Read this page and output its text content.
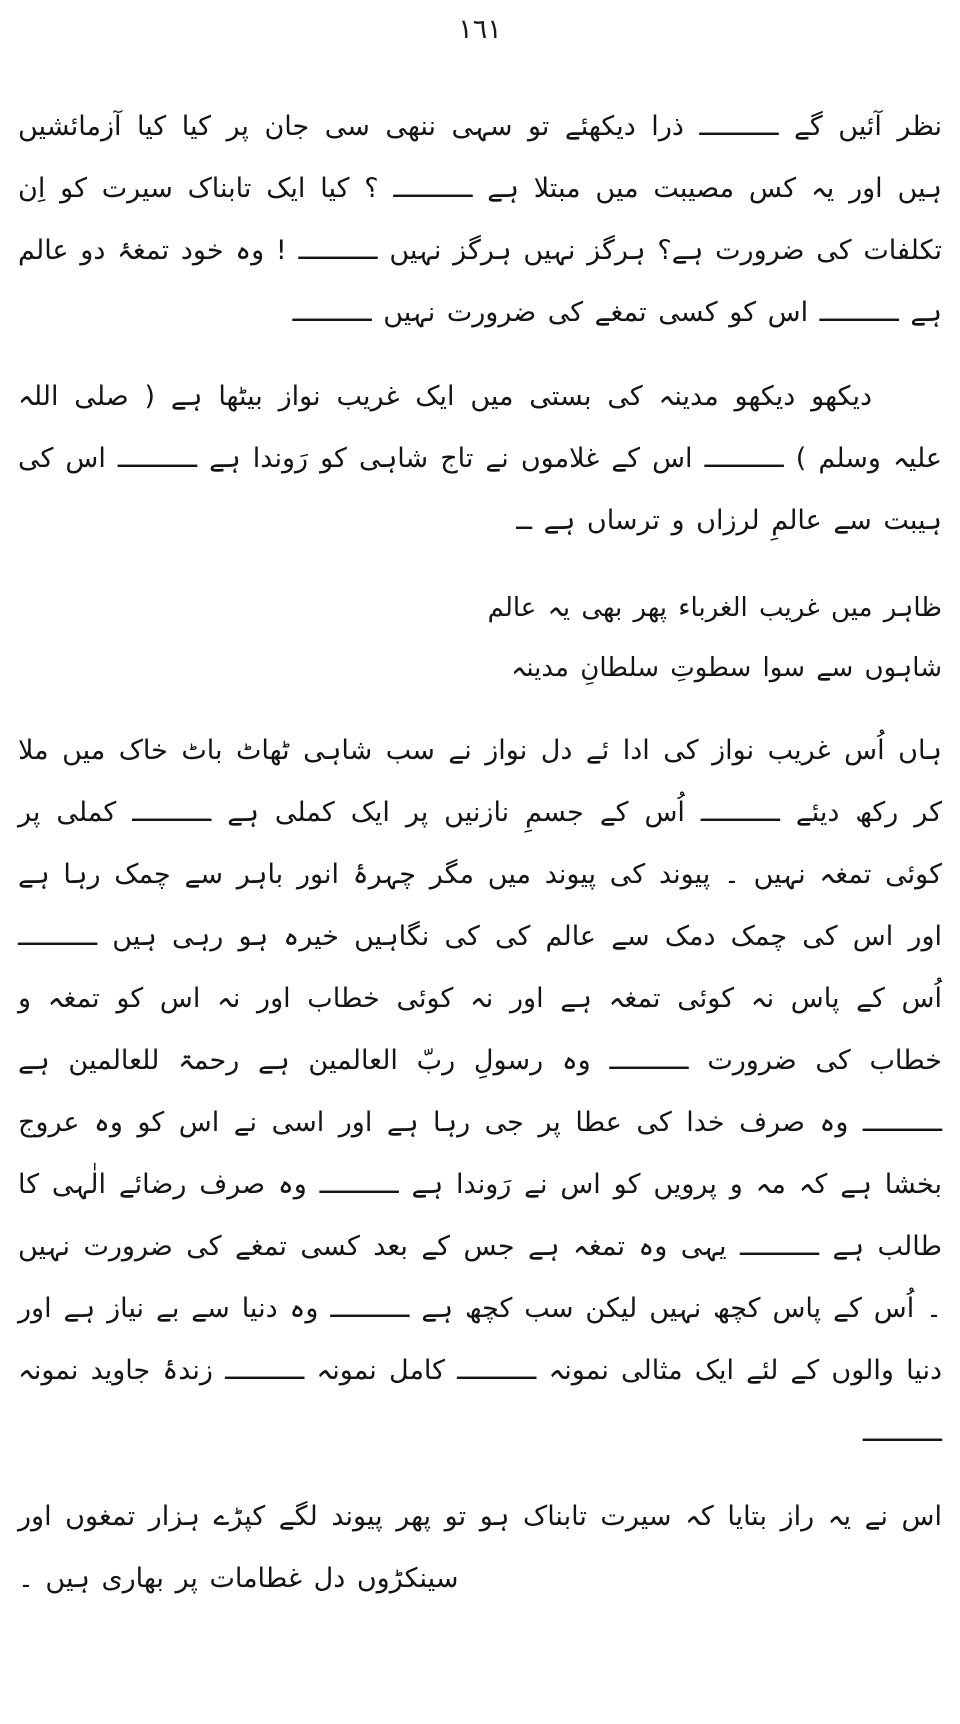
١٦١

نظر آئیں گے ــــــــــ ذرا دیکھئے تو سہی ننھی سی جان پر کیا کیا آزمائشیں ہیں اور یہ کس مصیبت میں مبتلا ہے ــــــــــ ؟ کیا ایک تابناک سیرت کو اِن تکلفات کی ضرورت ہے؟ ہرگز نہیں ہرگز نہیں ــــــــــ ! وہ خود تمغۂ دو عالم ہے ــــــــــ اس کو کسی تمغے کی ضرورت نہیں ــــــــــ

دیکھو دیکھو مدینہ کی بستی میں ایک غریب نواز بیٹھا ہے ( صلی اللہ علیہ وسلم ) ــــــــــ اس کے غلاموں نے تاج شاہی کو رَوندا ہے ــــــــــ اس کی ہیبت سے عالمِ لرزاں و ترساں ہے ــ

ظاہر میں غریب الغرباء پھر بھی یہ عالم
شاہوں سے سوا سطوتِ سلطانِ مدینہ

ہاں اُس غریب نواز کی ادا ئے دل نواز نے سب شاہی ٹھاٹ باٹ خاک میں ملا کر رکھ دیئے ــــــــــ اُس کے جسمِ نازنیں پر ایک کملی ہے ــــــــــ کملی پر کوئی تمغہ نہیں ۔ پیوند کی پیوند میں مگر چہرۂ انور باہر سے چمک رہا ہے اور اس کی چمک دمک سے عالم کی کی نگاہیں خیرہ ہو رہی ہیں ــــــــــ اُس کے پاس نہ کوئی تمغہ ہے اور نہ کوئی خطاب اور نہ اس کو تمغہ و خطاب کی ضرورت ــــــــــ وہ رسولِ ربّ العالمین ہے رحمۃ للعالمین ہے ــــــــــ وہ صرف خدا کی عطا پر جی رہا ہے اور اسی نے اس کو وہ عروج بخشا ہے کہ مہ و پرویں کو اس نے رَوندا ہے ــــــــــ وہ صرف رضائے الٰہی کا طالب ہے ــــــــــ یہی وہ تمغہ ہے جس کے بعد کسی تمغے کی ضرورت نہیں ۔ اُس کے پاس کچھ نہیں لیکن سب کچھ ہے ــــــــــ وہ دنیا سے بے نیاز ہے اور دنیا والوں کے لئے ایک مثالی نمونہ ــــــــــ کامل نمونہ ــــــــــ زندۂ جاوید نمونہ ــــــــــ

اس نے یہ راز بتایا کہ سیرت تابناک ہو تو پھر پیوند لگے کپڑے ہزار تمغوں اور سینکڑوں دل غطامات پر بھاری ہیں ۔
